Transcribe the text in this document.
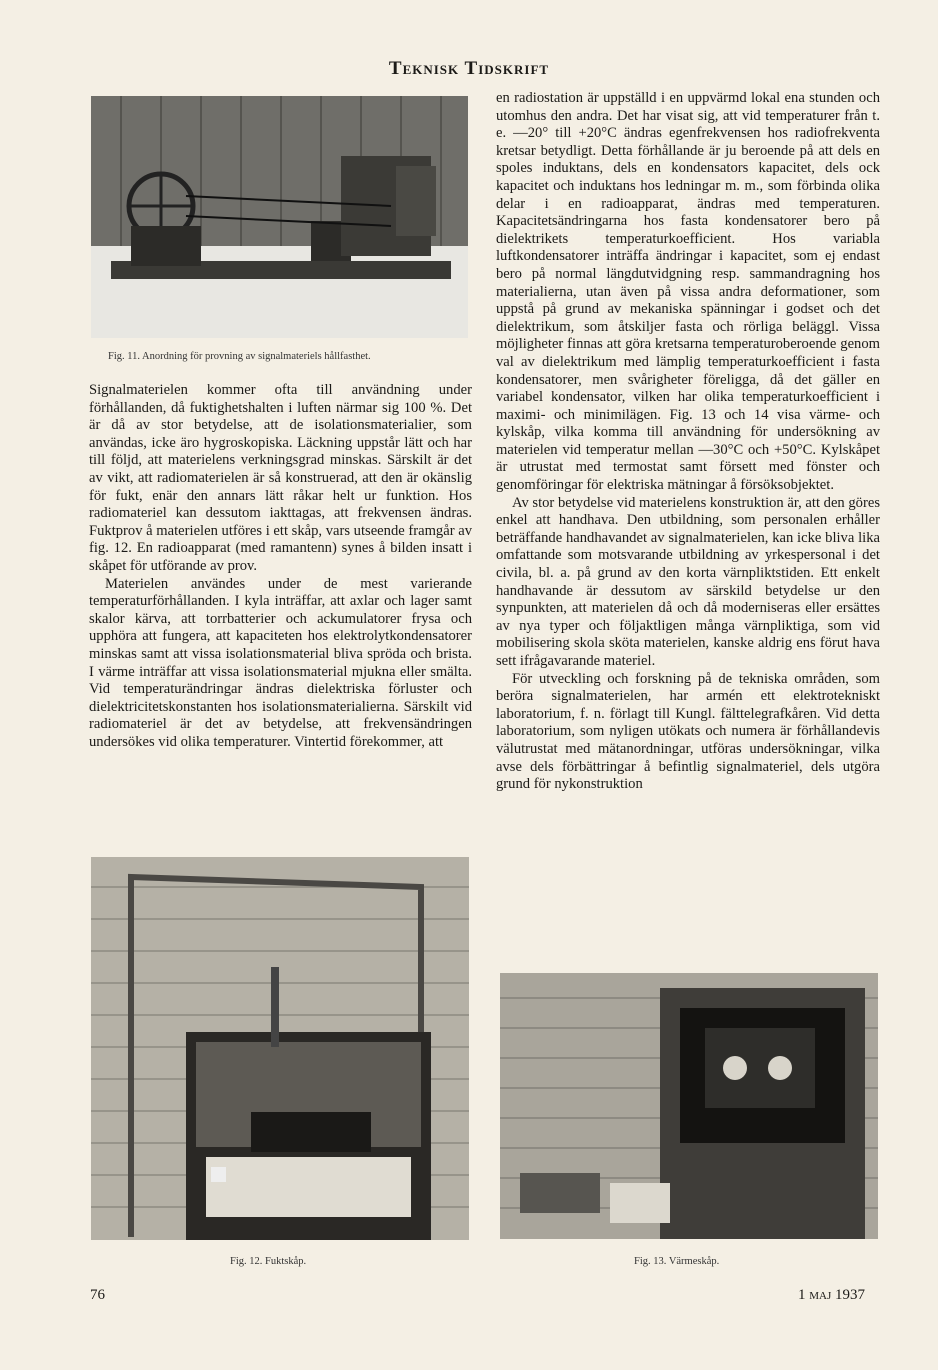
Teknisk Tidskrift
Fig. 11. Anordning för provning av signalmateriels hållfasthet.

Signalmaterielen kommer ofta till användning under förhållanden, då fuktighetshalten i luften närmar sig 100 %. Det är då av stor betydelse, att de isolationsmaterialier, som användas, icke äro hygroskopiska. Läckning uppstår lätt och har till följd, att materielens verkningsgrad minskas. Särskilt är det av vikt, att radiomaterielen är så konstruerad, att den är okänslig för fukt, enär den annars lätt råkar helt ur funktion. Hos radiomateriel kan dessutom iakttagas, att frekvensen ändras. Fuktprov å materielen utföres i ett skåp, vars utseende framgår av fig. 12. En radioapparat (med ramantenn) synes å bilden insatt i skåpet för utförande av prov.

Materielen användes under de mest varierande temperaturförhållanden. I kyla inträffar, att axlar och lager samt skalor kärva, att torrbatterier och ackumulatorer frysa och upphöra att fungera, att kapaciteten hos elektrolytkondensatorer minskas samt att vissa isolationsmaterial bliva spröda och brista. I värme inträffar att vissa isolationsmaterial mjukna eller smälta. Vid temperaturändringar ändras dielektriska förluster och dielektricitetskonstanten hos isolationsmaterialierna. Särskilt vid radiomateriel är det av betydelse, att frekvensändringen undersökes vid olika temperaturer. Vintertid förekommer, att

Fig. 12. Fuktskåp.

en radiostation är uppställd i en uppvärmd lokal ena stunden och utomhus den andra. Det har visat sig, att vid temperaturer från t. e. —20° till +20°C ändras egenfrekvensen hos radiofrekventa kretsar betydligt. Detta förhållande är ju beroende på att dels en spoles induktans, dels en kondensators kapacitet, dels ock kapacitet och induktans hos ledningar m. m., som förbinda olika delar i en radioapparat, ändras med temperaturen. Kapacitetsändringarna hos fasta kondensatorer bero på dielektrikets temperaturkoefficient. Hos variabla luftkondensatorer inträffa ändringar i kapacitet, som ej endast bero på normal längdutvidgning resp. sammandragning hos materialierna, utan även på vissa andra deformationer, som uppstå på grund av mekaniska spänningar i godset och det dielektrikum, som åtskiljer fasta och rörliga beläggl. Vissa möjligheter finnas att göra kretsarna temperaturoberoende genom val av dielektrikum med lämplig temperaturkoefficient i fasta kondensatorer, men svårigheter föreligga, då det gäller en variabel kondensator, vilken har olika temperaturkoefficient i maximi- och minimilägen. Fig. 13 och 14 visa värme- och kylskåp, vilka komma till användning för undersökning av materielen vid temperatur mellan —30°C och +50°C. Kylskåpet är utrustat med termostat samt försett med fönster och genomföringar för elektriska mätningar å försöksobjektet.

Av stor betydelse vid materielens konstruktion är, att den göres enkel att handhava. Den utbildning, som personalen erhåller beträffande handhavandet av signalmaterielen, kan icke bliva lika omfattande som motsvarande utbildning av yrkespersonal i det civila, bl. a. på grund av den korta värnpliktstiden. Ett enkelt handhavande är dessutom av särskild betydelse ur den synpunkten, att materielen då och då moderniseras eller ersättes av nya typer och följaktligen många värnpliktiga, som vid mobilisering skola sköta materielen, kanske aldrig ens förut hava sett ifrågavarande materiel.

För utveckling och forskning på de tekniska områden, som beröra signalmaterielen, har armén ett elektrotekniskt laboratorium, f. n. förlagt till Kungl. fälttelegrafkåren. Vid detta laboratorium, som nyligen utökats och numera är förhållandevis välutrustat med mätanordningar, utföras undersökningar, vilka avse dels förbättringar å befintlig signalmateriel, dels utgöra grund för nykonstruktion

Fig. 13. Värmeskåp.
76	1 maj 1937
